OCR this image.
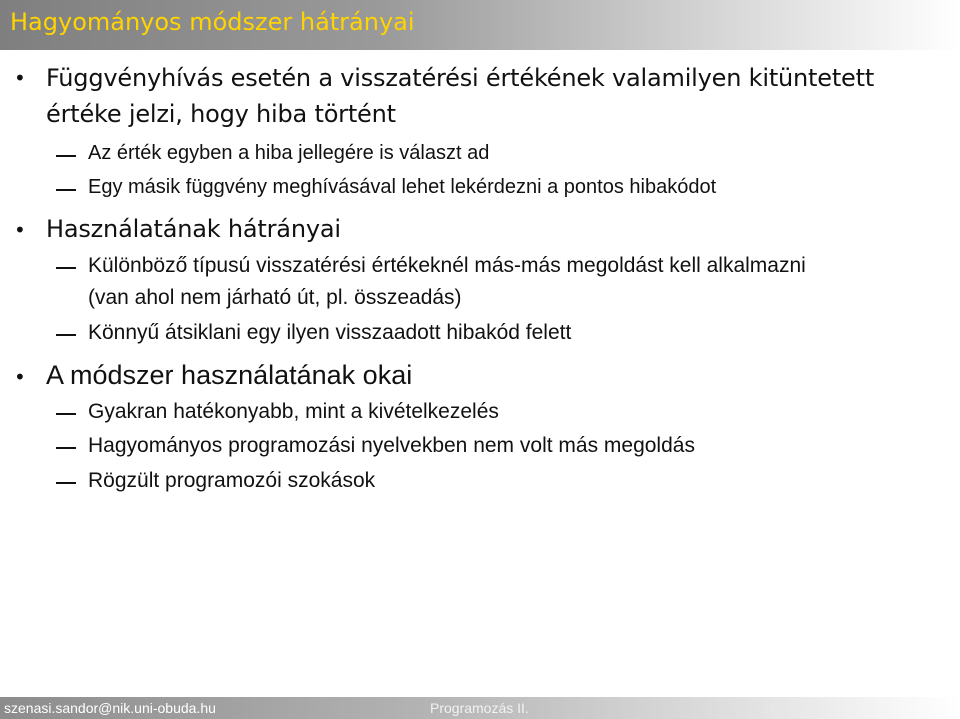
Hagyományos módszer hátrányai
• Függvényhívás esetén a visszatérési értékének valamilyen kitüntetett
értéke jelzi, hogy hiba történt
Az érték egyben a hiba jellegére is választ ad
Egy másik függvény meghívásával lehet lekérdezni a pontos hibakódot
• Használatának hátrányai
Különböző típusú visszatérési értékeknél más-más megoldást kell alkalmazni
(van ahol nem járható út, pl. összeadás)
Könnyű átsiklani egy ilyen visszaadott hibakód felett
• A módszer használatának okai
Gyakran hatékonyabb, mint a kivételkezelés
Hagyományos programozási nyelvekben nem volt más megoldás
Rögzült programozói szokások
szenasi.sandor@nik.uni-obuda.hu	Programozás II.	16
